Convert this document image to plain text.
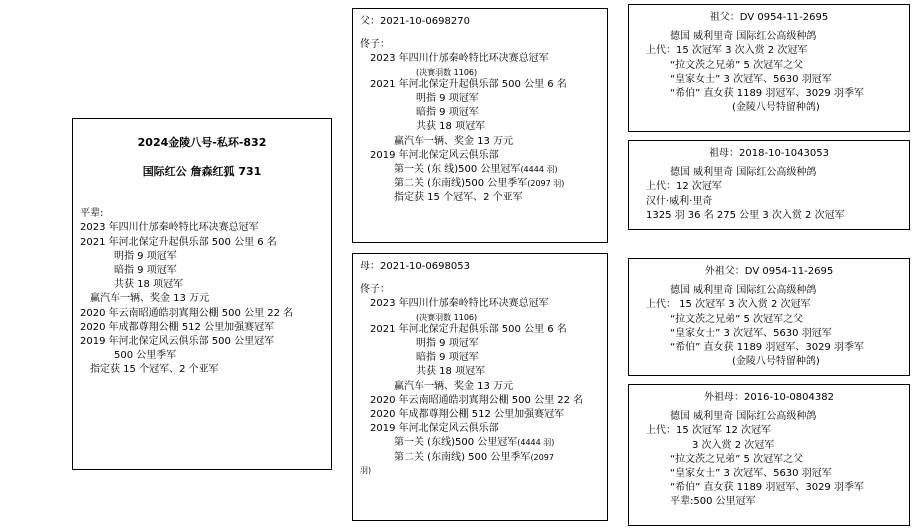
2024金陵八号-私环-832
国际红公 詹森红狐 731
平辈:
2023 年四川什邡秦岭特比环决赛总冠军
2021 年河北保定升起俱乐部 500 公里 6 名
明指 9 项冠军
暗指 9 项冠军
共获 18 项冠军
赢汽车一辆、奖金 13 万元
2020 年云南昭通皓羽寘翔公棚 500 公里 22 名
2020 年成都尊翔公棚 512 公里加强赛冠军
2019 年河北保定风云俱乐部 500 公里冠军
500 公里季军
指定获 15 个冠军、2 个亚军
父：2021-10-0698270
佟子：
2023 年四川什邡秦岭特比环决赛总冠军
(决赛羽数 1106)
2021 年河北保定升起俱乐部 500 公里 6 名
明指 9 项冠军
暗指 9 项冠军
共获 18 项冠军
赢汽车一辆、奖金 13 万元
2019 年河北保定风云俱乐部
第一关 (东 线)500 公里冠军(4444 羽)
第二关 (东南线)500 公里季军(2097 羽)
指定获 15 个冠军、2 个亚军
母：2021-10-0698053
佟子：
2023 年四川什邡秦岭特比环决赛总冠军
(决赛羽数 1106)
2021 年河北保定升起俱乐部 500 公里 6 名
明指 9 项冠军
暗指 9 项冠军
共获 18 项冠军
赢汽车一辆、奖金 13 万元
2020 年云南昭通皓羽寘翔公棚 500 公里 22 名
2020 年成都尊翔公棚 512 公里加强赛冠军
2019 年河北保定风云俱乐部
第一关 (东线)500 公里冠军(4444 羽)
第二关 (东南线) 500 公里季军(2097
羽)
祖父：DV 0954-11-2695
德国 威利里奇 国际红公高级种鸽
上代：15 次冠军 3 次入赏 2 次冠军
“拉文茨之兄弟” 5 次冠军之父
“皇家女士” 3 次冠军、5630 羽冠军
“希伯” 直女获 1189 羽冠军、3029 羽季军
(金陵八号特留种鸽)
祖母：2018-10-1043053
德国 威利里奇 国际红公高级种鸽
上代：12 次冠军
汉什·威利·里奇
1325 羽 36 名 275 公里 3 次入赏 2 次冠军
外祖父：DV 0954-11-2695
德国 威利里奇 国际红公高级种鸽
上代： 15 次冠军 3 次入赏 2 次冠军
“拉文茨之兄弟” 5 次冠军之父
“皇家女士” 3 次冠军、5630 羽冠军
“希伯” 直女获 1189 羽冠军、3029 羽季军
(金陵八号特留种鸽)
外祖母：2016-10-0804382
德国 威利里奇 国际红公高级种鸽
上代：15 次冠军 12 次冠军
3 次入赏 2 次冠军
“拉文茨之兄弟” 5 次冠军之父
“皇家女士” 3 次冠军、5630 羽冠军
“希伯” 直女获 1189 羽冠军、3029 羽季军
平辈:500 公里冠军
